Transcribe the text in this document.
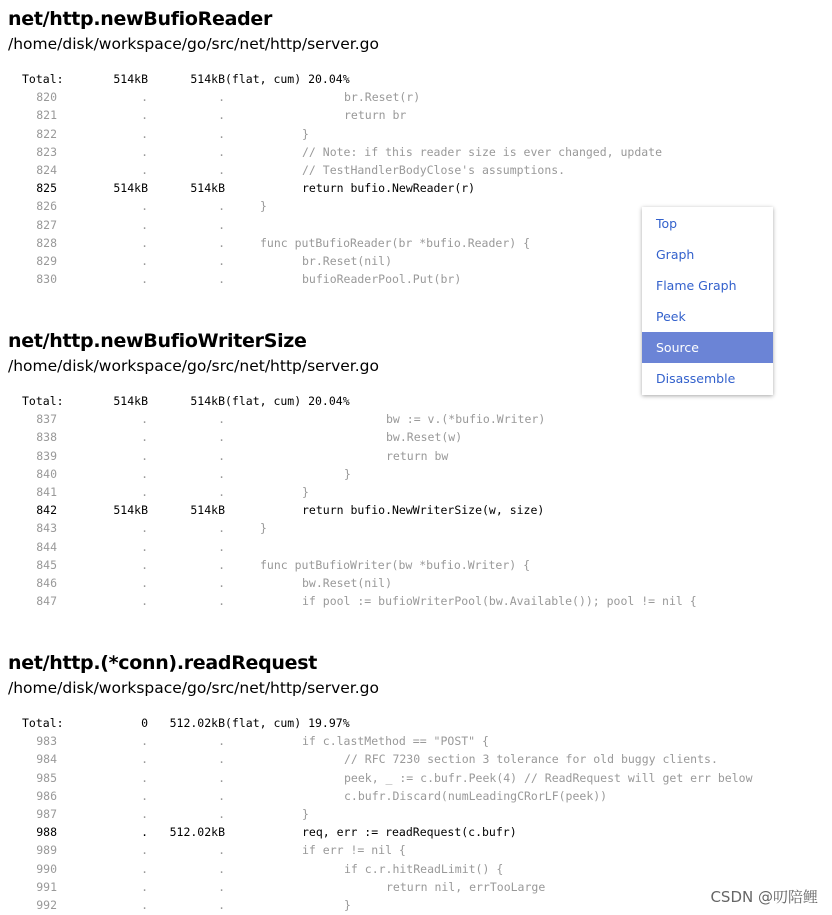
net/http.newBufioReader
/home/disk/workspace/go/src/net/http/server.go
Total:	514kB	514kB (flat, cum) 20.04%
820	.	.	br.Reset(r)
821	.	.	return br
822	.	.	}
823	.	.	// Note: if this reader size is ever changed, update
824	.	.	// TestHandlerBodyClose's assumptions.
825	514kB	514kB	return bufio.NewReader(r)
826	.	.	}
827	.	.
828	.	.	func putBufioReader(br *bufio.Reader) {
829	.	.	br.Reset(nil)
830	.	.	bufioReaderPool.Put(br)
net/http.newBufioWriterSize
/home/disk/workspace/go/src/net/http/server.go
Total:	514kB	514kB (flat, cum) 20.04%
837	.	.	bw := v.(*bufio.Writer)
838	.	.	bw.Reset(w)
839	.	.	return bw
840	.	.	}
841	.	.	}
842	514kB	514kB	return bufio.NewWriterSize(w, size)
843	.	.	}
844	.	.
845	.	.	func putBufioWriter(bw *bufio.Writer) {
846	.	.	bw.Reset(nil)
847	.	.	if pool := bufioWriterPool(bw.Available()); pool != nil {
net/http.(*conn).readRequest
/home/disk/workspace/go/src/net/http/server.go
Total:	0	512.02kB (flat, cum) 19.97%
983	.	.	if c.lastMethod == "POST" {
984	.	.	// RFC 7230 section 3 tolerance for old buggy clients.
985	.	.	peek, _ := c.bufr.Peek(4) // ReadRequest will get err below
986	.	.	c.bufr.Discard(numLeadingCRorLF(peek))
987	.	.	}
988	.	512.02kB	req, err := readRequest(c.bufr)
989	.	.	if err != nil {
990	.	.	if c.r.hitReadLimit() {
991	.	.	return nil, errTooLarge
992	.	.	}
Top
Graph
Flame Graph
Peek
Source
Disassemble
CSDN @叨陪鲤
